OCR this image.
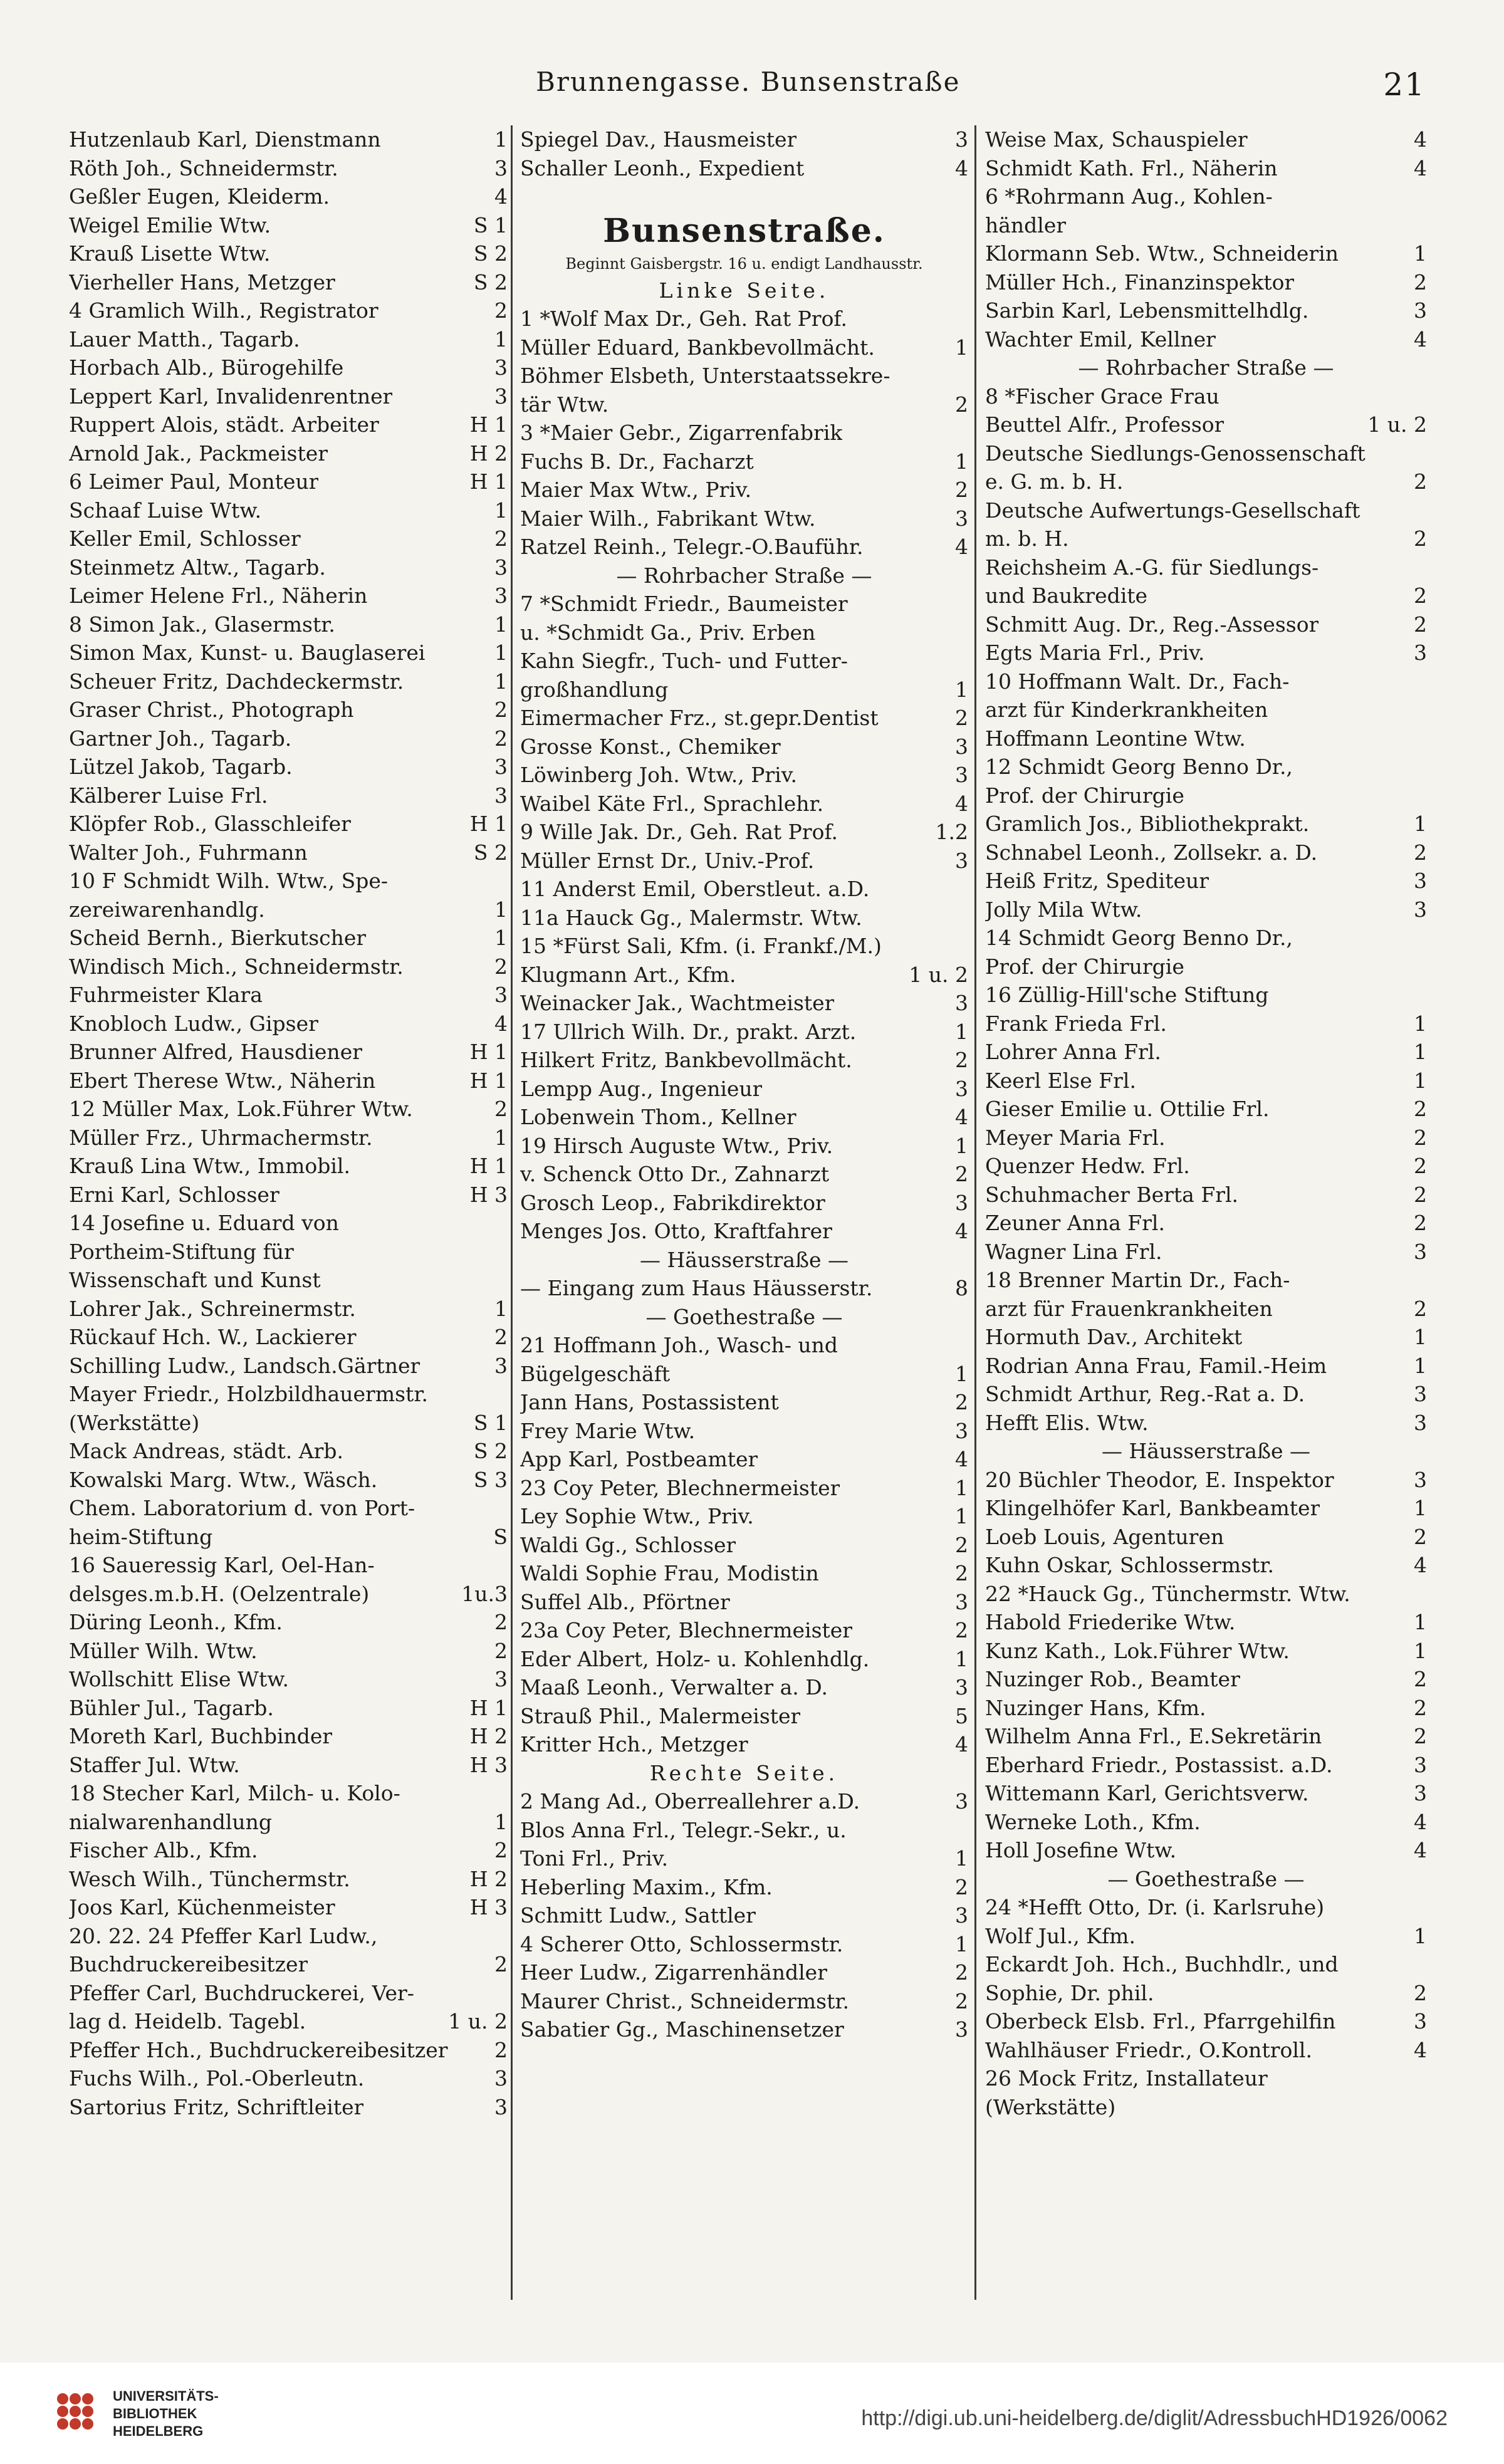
Brunnengasse. Bunsenstraße	21
Hutzenlaub Karl, Dienstmann	1
Röth Joh., Schneidermstr.	3
Geßler Eugen, Kleiderm.	4
Weigel Emilie Wtw.	S 1
Krauß Lisette Wtw.	S 2
Vierheller Hans, Metzger	S 2
4 Gramlich Wilh., Registrator	2
Lauer Matth., Tagarb.	1
Horbach Alb., Bürogehilfe	3
Leppert Karl, Invalidenrentner	3
Ruppert Alois, städt. Arbeiter	H 1
Arnold Jak., Packmeister	H 2
6 Leimer Paul, Monteur	H 1
Schaaf Luise Wtw.	1
Keller Emil, Schlosser	2
Steinmetz Altw., Tagarb.	3
Leimer Helene Frl., Näherin	3
8 Simon Jak., Glasermstr.	1
Simon Max, Kunst- u. Bauglaserei	1
Scheuer Fritz, Dachdeckermstr.	1
Graser Christ., Photograph	2
Gartner Joh., Tagarb.	2
Lützel Jakob, Tagarb.	3
Kälberer Luise Frl.	3
Klöpfer Rob., Glasschleifer	H 1
Walter Joh., Fuhrmann	S 2
10 F Schmidt Wilh. Wtw., Spe-
zereiwarenhandlg.	1
Scheid Bernh., Bierkutscher	1
Windisch Mich., Schneidermstr.	2
Fuhrmeister Klara	3
Knobloch Ludw., Gipser	4
Brunner Alfred, Hausdiener	H 1
Ebert Therese Wtw., Näherin	H 1
12 Müller Max, Lok.Führer Wtw.	2
Müller Frz., Uhrmachermstr.	1
Krauß Lina Wtw., Immobil.	H 1
Erni Karl, Schlosser	H 3
14 Josefine u. Eduard von
Portheim-Stiftung für
Wissenschaft und Kunst
Lohrer Jak., Schreinermstr.	1
Rückauf Hch. W., Lackierer	2
Schilling Ludw., Landsch.Gärtner	3
Mayer Friedr., Holzbildhauermstr.
(Werkstätte)	S 1
Mack Andreas, städt. Arb.	S 2
Kowalski Marg. Wtw., Wäsch.	S 3
Chem. Laboratorium d. von Port-
heim-Stiftung	S
16 Saueressig Karl, Oel-Han-
delsges.m.b.H. (Oelzentrale)	1u.3
Düring Leonh., Kfm.	2
Müller Wilh. Wtw.	2
Wollschitt Elise Wtw.	3
Bühler Jul., Tagarb.	H 1
Moreth Karl, Buchbinder	H 2
Staffer Jul. Wtw.	H 3
18 Stecher Karl, Milch- u. Kolo-
nialwarenhandlung	1
Fischer Alb., Kfm.	2
Wesch Wilh., Tünchermstr.	H 2
Joos Karl, Küchenmeister	H 3
20. 22. 24 Pfeffer Karl Ludw.,
Buchdruckereibesitzer	2
Pfeffer Carl, Buchdruckerei, Ver-
lag d. Heidelb. Tagebl.	1 u. 2
Pfeffer Hch., Buchdruckereibesitzer 2
Fuchs Wilh., Pol.-Oberleutn.	3
Sartorius Fritz, Schriftleiter	3
Spiegel Dav., Hausmeister	3
Schaller Leonh., Expedient	4
Bunsenstraße.
Beginnt Gaisbergstr. 16 u. endigt Landhausstr.
Linke Seite.
1 *Wolf Max Dr., Geh. Rat Prof.
Müller Eduard, Bankbevollmächt.	1
Böhmer Elsbeth, Unterstaatssekre-
tär Wtw.	2
3 *Maier Gebr., Zigarrenfabrik
Fuchs B. Dr., Facharzt	1
Maier Max Wtw., Priv.	2
Maier Wilh., Fabrikant Wtw.	3
Ratzel Reinh., Telegr.-O.Bauführ.	4
— Rohrbacher Straße —
7 *Schmidt Friedr., Baumeister
u. *Schmidt Ga., Priv. Erben
Kahn Siegfr., Tuch- und Futter-
großhandlung	1
Eimermacher Frz., st.gepr.Dentist	2
Grosse Konst., Chemiker	3
Löwinberg Joh. Wtw., Priv.	3
Waibel Käte Frl., Sprachlehr.	4
9 Wille Jak. Dr., Geh. Rat Prof.	1.2
Müller Ernst Dr., Univ.-Prof.	3
11 Anderst Emil, Oberstleut. a.D.
11a Hauck Gg., Malermstr. Wtw.
15 *Fürst Sali, Kfm. (i. Frankf./M.)
Klugmann Art., Kfm.	1 u. 2
Weinacker Jak., Wachtmeister	3
17 Ullrich Wilh. Dr., prakt. Arzt.	1
Hilkert Fritz, Bankbevollmächt.	2
Lempp Aug., Ingenieur	3
Lobenwein Thom., Kellner	4
19 Hirsch Auguste Wtw., Priv.	1
v. Schenck Otto Dr., Zahnarzt	2
Grosch Leop., Fabrikdirektor	3
Menges Jos. Otto, Kraftfahrer	4
— Häusserstraße —
— Eingang zum Haus Häusserstr.	8
— Goethestraße —
21 Hoffmann Joh., Wasch- und
Bügelgeschäft	1
Jann Hans, Postassistent	2
Frey Marie Wtw.	3
App Karl, Postbeamter	4
23 Coy Peter, Blechnermeister	1
Ley Sophie Wtw., Priv.	1
Waldi Gg., Schlosser	2
Waldi Sophie Frau, Modistin	2
Suffel Alb., Pförtner	3
23a Coy Peter, Blechnermeister	2
Eder Albert, Holz- u. Kohlenhdlg.	1
Maaß Leonh., Verwalter a. D.	3
Strauß Phil., Malermeister	5
Kritter Hch., Metzger	4
Rechte Seite.
2 Mang Ad., Oberreallehrer a.D.	3
Blos Anna Frl., Telegr.-Sekr., u.
Toni Frl., Priv.	1
Heberling Maxim., Kfm.	2
Schmitt Ludw., Sattler	3
4 Scherer Otto, Schlossermstr.	1
Heer Ludw., Zigarrenhändler	2
Maurer Christ., Schneidermstr.	2
Sabatier Gg., Maschinensetzer	3
Weise Max, Schauspieler	4
Schmidt Kath. Frl., Näherin	4
6 *Rohrmann Aug., Kohlen-
händler
Klormann Seb. Wtw., Schneiderin	1
Müller Hch., Finanzinspektor	2
Sarbin Karl, Lebensmittelhdlg.	3
Wachter Emil, Kellner	4
— Rohrbacher Straße —
8 *Fischer Grace Frau
Beuttel Alfr., Professor	1 u. 2
Deutsche Siedlungs-Genossenschaft
e. G. m. b. H.	2
Deutsche Aufwertungs-Gesellschaft
m. b. H.	2
Reichsheim A.-G. für Siedlungs-
und Baukredite	2
Schmitt Aug. Dr., Reg.-Assessor	2
Egts Maria Frl., Priv.	3
10 Hoffmann Walt. Dr., Fach-
arzt für Kinderkrankheiten
Hoffmann Leontine Wtw.
12 Schmidt Georg Benno Dr.,
Prof. der Chirurgie
Gramlich Jos., Bibliothekprakt.	1
Schnabel Leonh., Zollsekr. a. D.	2
Heiß Fritz, Spediteur	3
Jolly Mila Wtw.	3
14 Schmidt Georg Benno Dr.,
Prof. der Chirurgie
16 Züllig-Hill'sche Stiftung
Frank Frieda Frl.	1
Lohrer Anna Frl.	1
Keerl Else Frl.	1
Gieser Emilie u. Ottilie Frl.	2
Meyer Maria Frl.	2
Quenzer Hedw. Frl.	2
Schuhmacher Berta Frl.	2
Zeuner Anna Frl.	2
Wagner Lina Frl.	3
18 Brenner Martin Dr., Fach-
arzt für Frauenkrankheiten	2
Hormuth Dav., Architekt	1
Rodrian Anna Frau, Famil.-Heim	1
Schmidt Arthur, Reg.-Rat a. D.	3
Hefft Elis. Wtw.	3
— Häusserstraße —
20 Büchler Theodor, E. Inspektor	3
Klingelhöfer Karl, Bankbeamter	1
Loeb Louis, Agenturen	2
Kuhn Oskar, Schlossermstr.	4
22 *Hauck Gg., Tünchermstr. Wtw.
Habold Friederike Wtw.	1
Kunz Kath., Lok.Führer Wtw.	1
Nuzinger Rob., Beamter	2
Nuzinger Hans, Kfm.	2
Wilhelm Anna Frl., E.Sekretärin	2
Eberhard Friedr., Postassist. a.D.	3
Wittemann Karl, Gerichtsverw.	3
Werneke Loth., Kfm.	4
Holl Josefine Wtw.	4
— Goethestraße —
24 *Hefft Otto, Dr. (i. Karlsruhe)
Wolf Jul., Kfm.	1
Eckardt Joh. Hch., Buchhdlr., und
Sophie, Dr. phil.	2
Oberbeck Elsb. Frl., Pfarrgehilfin	3
Wahlhäuser Friedr., O.Kontroll.	4
26 Mock Fritz, Installateur
(Werkstätte)
UNIVERSITÄTS-
BIBLIOTHEK
HEIDELBERG
http://digi.ub.uni-heidelberg.de/diglit/AdressbuchHD1926/0062
